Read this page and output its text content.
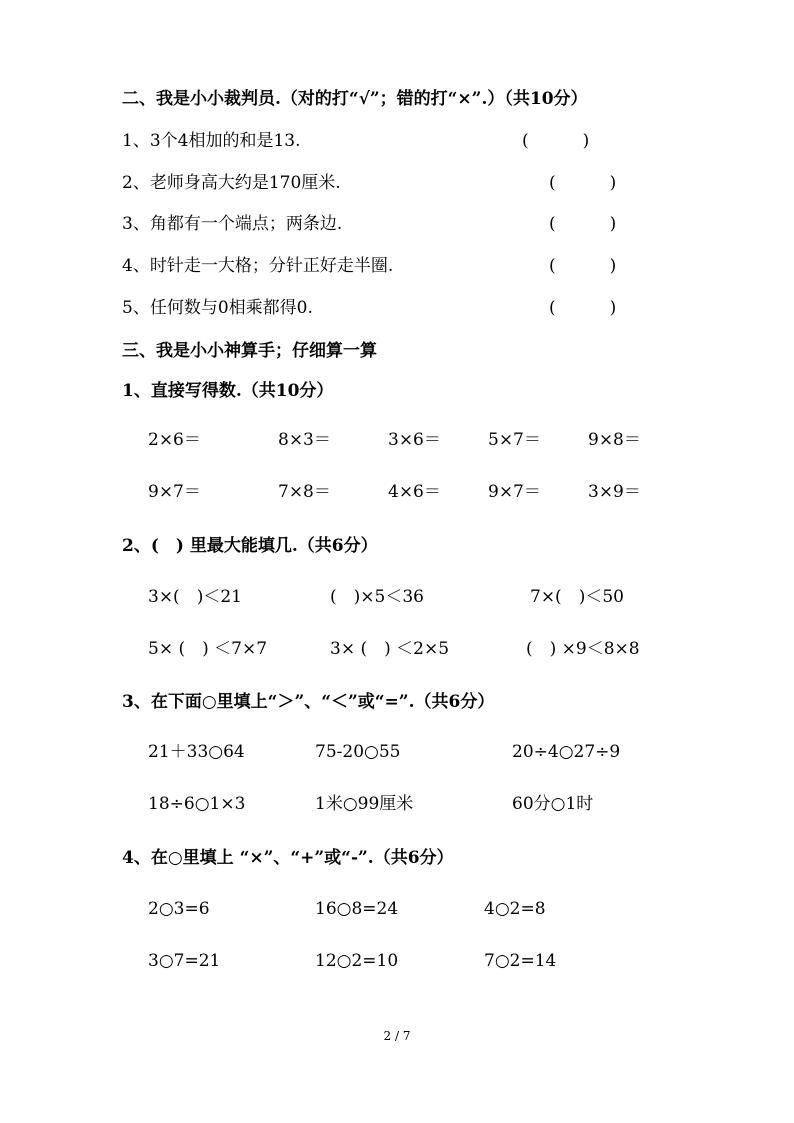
二、我是小小裁判员.（对的打“√”；错的打“×”.）（共10分）
1、3个4相加的和是13.	(          )
2、老师身高大约是170厘米.	(          )
3、角都有一个端点；两条边.	(          )
4、时针走一大格；分针正好走半圈.	(          )
5、任何数与0相乘都得0.	(          )
三、我是小小神算手；仔细算一算
1、直接写得数.（共10分）
2×6＝	8×3＝	3×6＝	5×7＝	9×8＝
9×7＝	7×8＝	4×6＝	9×7＝	3×9＝
2、(　) 里最大能填几.（共6分）
3×(　)＜21	(　)×5＜36	7×(　)＜50
5× (　) ＜7×7	3× (　) ＜2×5	(　) ×9＜8×8
3、在下面○里填上“＞”、“＜”或“=”.（共6分）
21＋33○64	75-20○55	20÷4○27÷9
18÷6○1×3	1米○99厘米	60分○1时
4、在○里填上 “×”、“+”或“-”.（共6分）
2○3=6	16○8=24	4○2=8
3○7=21	12○2=10	7○2=14
2 / 7
